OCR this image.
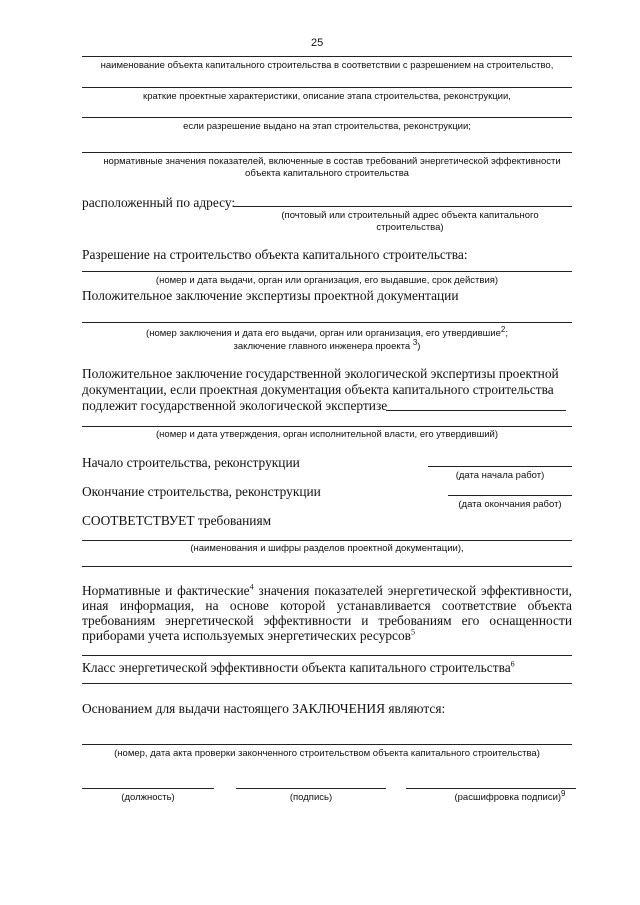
25
наименование объекта капитального строительства в соответствии с разрешением на строительство,
краткие проектные характеристики, описание этапа строительства, реконструкции,
если разрешение выдано на этап строительства, реконструкции;
нормативные значения показателей, включенные в состав требований энергетической эффективности
объекта капитального строительства
расположенный по адресу:
(почтовый или строительный адрес объекта капитального
строительства)
Разрешение на строительство объекта капитального строительства:
(номер и дата выдачи, орган или организация, его выдавшие, срок действия)
Положительное заключение экспертизы проектной документации
(номер заключения и дата его выдачи, орган или организация, его утвердившие$^2$;
заключение главного инженера проекта $^3$)
Положительное заключение государственной экологической экспертизы проектной
документации, если проектная документация объекта капитального строительства
подлежит государственной экологической экспертизе
(номер и дата утверждения, орган исполнительной власти, его утвердивший)
Начало строительства, реконструкции
(дата начала работ)
Окончание строительства, реконструкции
(дата окончания работ)
СООТВЕТСТВУЕТ требованиям
(наименования и шифры разделов проектной документации),
Нормативные и фактические$^4$ значения показателей энергетической эффективности, иная информация, на основе которой устанавливается соответствие объекта требованиям энергетической эффективности и требованиям его оснащенности приборами учета используемых энергетических ресурсов$^5$
Класс энергетической эффективности объекта капитального строительства$^6$
Основанием для выдачи настоящего ЗАКЛЮЧЕНИЯ являются:
(номер, дата акта проверки законченного строительством объекта капитального строительства)
(должность)	(подпись)	(расшифровка подписи)$^9$
